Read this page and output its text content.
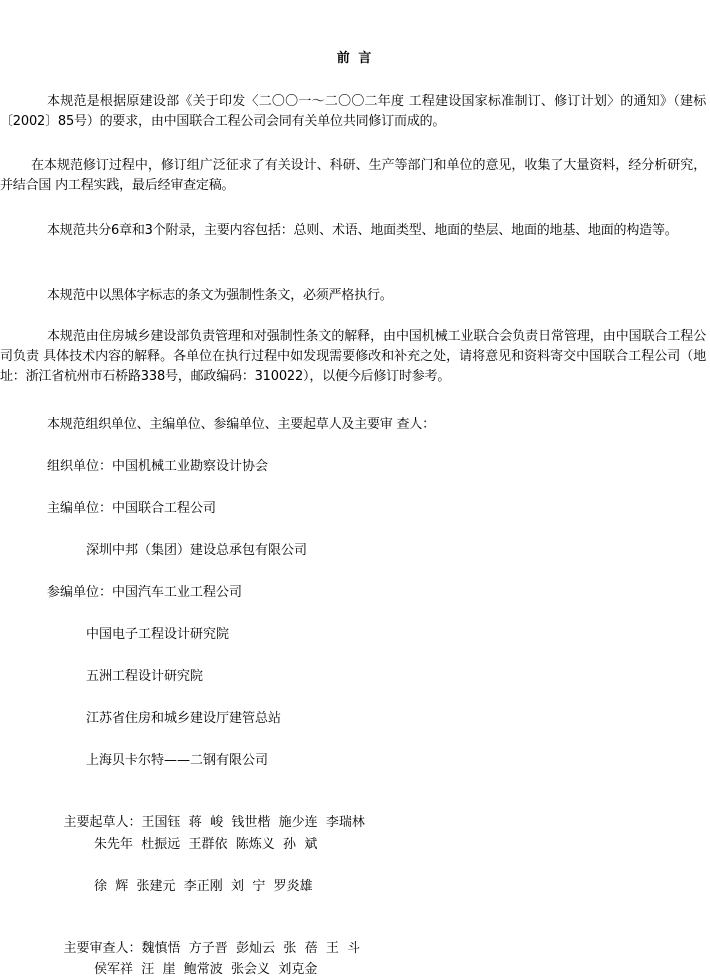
前 言
本规范是根据原建设部《关于印发〈二〇〇一～二〇〇二年度 工程建设国家标准制订、修订计划〉的通知》（建标〔2002〕85号）的要求，由中国联合工程公司会同有关单位共同修订而成的。
在本规范修订过程中，修订组广泛征求了有关设计、科研、生产等部门和单位的意见，收集了大量资料，经分析研究，并结合国 内工程实践，最后经审查定稿。
本规范共分6章和3个附录，主要内容包括：总则、术语、地面类型、地面的垫层、地面的地基、地面的构造等。
本规范中以黑体字标志的条文为强制性条文，必须严格执行。
本规范由住房城乡建设部负责管理和对强制性条文的解释，由中国机械工业联合会负责日常管理，由中国联合工程公司负责 具体技术内容的解释。各单位在执行过程中如发现需要修改和补充之处，请将意见和资料寄交中国联合工程公司（地址：浙江省杭州市石桥路338号，邮政编码：310022），以便今后修订时参考。
本规范组织单位、主编单位、参编单位、主要起草人及主要审 查人：
组织单位：中国机械工业勘察设计协会
主编单位：中国联合工程公司
深圳中邦（集团）建设总承包有限公司
参编单位：中国汽车工业工程公司
中国电子工程设计研究院
五洲工程设计研究院
江苏省住房和城乡建设厅建管总站
上海贝卡尔特——二钢有限公司

主要起草人：王国钰  蒋  峻  钱世楷  施少连  李瑞林

朱先年  杜振远  王群依  陈炼义  孙  斌
徐  辉  张建元  李正刚  刘  宁  罗炎雄

主要审查人：魏慎悟  方子晋  彭灿云  张  蓓  王  斗

侯军祥  汪  崖  鲍常波  张会义  刘克金
